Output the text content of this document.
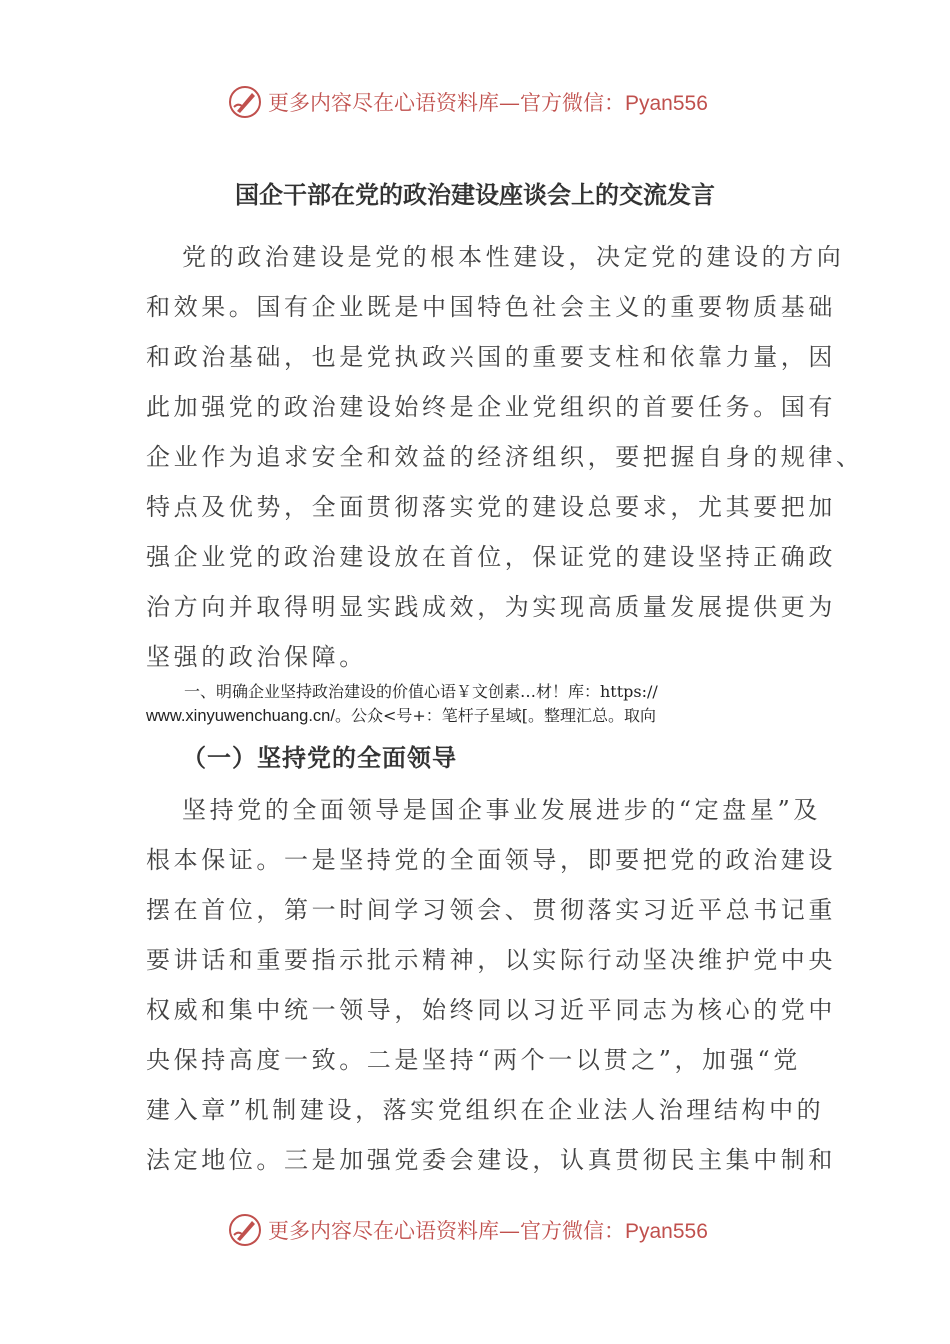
更多内容尽在心语资料库—官方微信：Pyan556
国企干部在党的政治建设座谈会上的交流发言
党的政治建设是党的根本性建设，决定党的建设的方向
和效果。国有企业既是中国特色社会主义的重要物质基础
和政治基础，也是党执政兴国的重要支柱和依靠力量，因
此加强党的政治建设始终是企业党组织的首要任务。国有
企业作为追求安全和效益的经济组织，要把握自身的规律、
特点及优势，全面贯彻落实党的建设总要求，尤其要把加
强企业党的政治建设放在首位，保证党的建设坚持正确政
治方向并取得明显实践成效，为实现高质量发展提供更为
坚强的政治保障。
一、明确企业坚持政治建设的价值心语￥文创素…材！库：https://
www.xinyuwenchuang.cn/。公众<号+：笔杆子星域[。整理汇总。取向
（一）坚持党的全面领导
坚持党的全面领导是国企事业发展进步的“定盘星”及
根本保证。一是坚持党的全面领导，即要把党的政治建设
摆在首位，第一时间学习领会、贯彻落实习近平总书记重
要讲话和重要指示批示精神，以实际行动坚决维护党中央
权威和集中统一领导，始终同以习近平同志为核心的党中
央保持高度一致。二是坚持“两个一以贯之”，加强“党
建入章”机制建设，落实党组织在企业法人治理结构中的
法定地位。三是加强党委会建设，认真贯彻民主集中制和
更多内容尽在心语资料库—官方微信：Pyan556
